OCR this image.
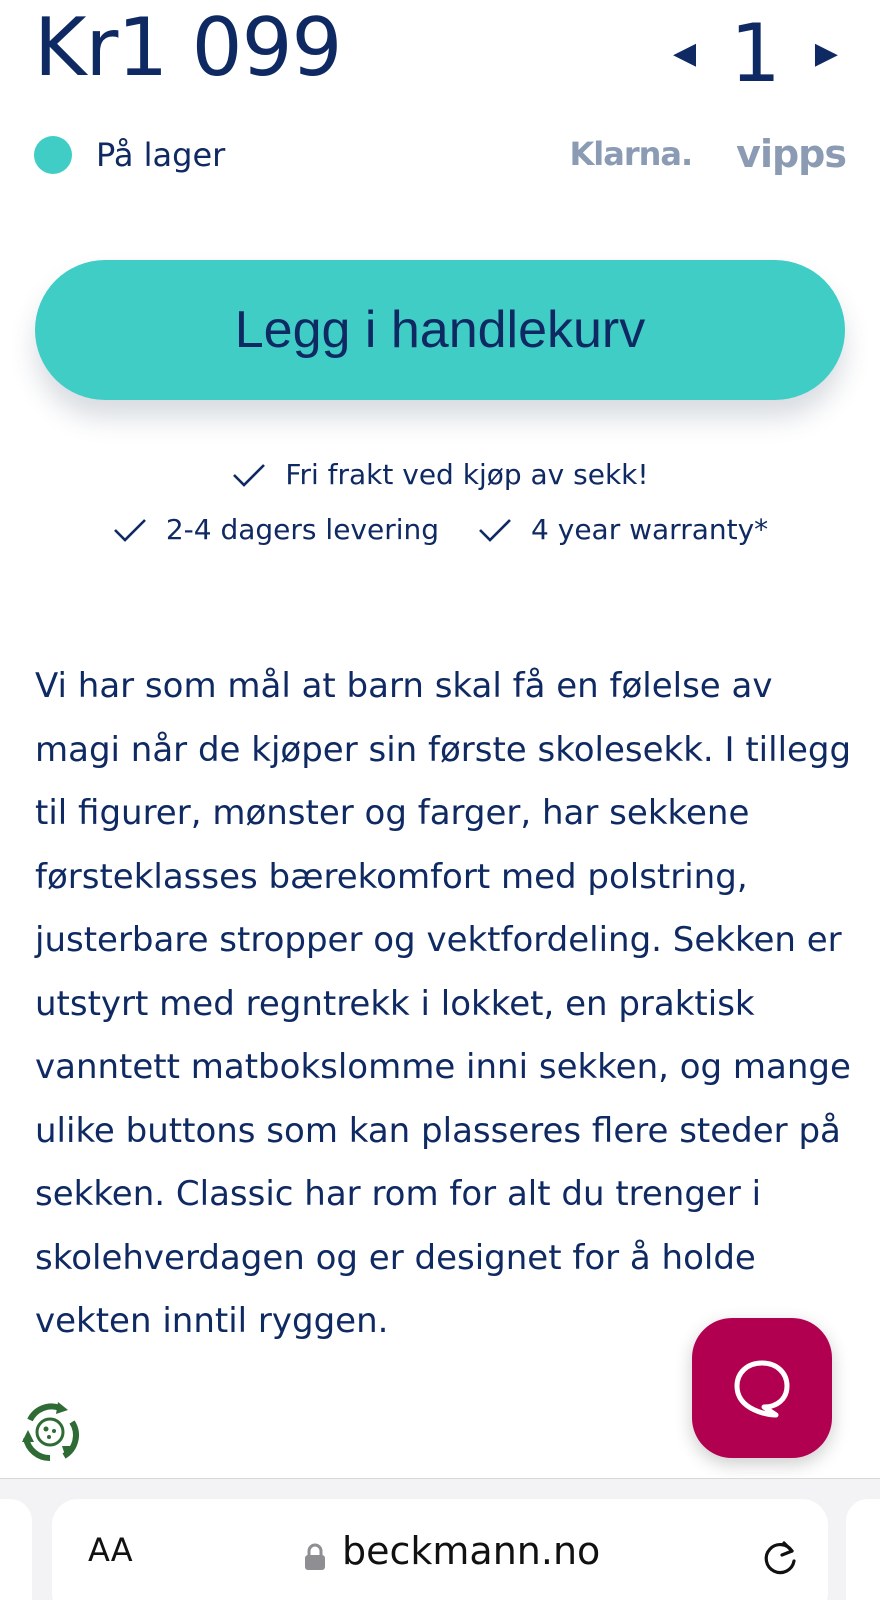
Kr1 099	◀ 1 ▶
På lager	Klarna. vipps
Legg i handlekurv
Fri frakt ved kjøp av sekk!
2-4 dagers levering	4 year warranty*

Vi har som mål at barn skal få en følelse av magi når de kjøper sin første skolesekk. I tillegg til figurer, mønster og farger, har sekkene førsteklasses bærekomfort med polstring, justerbare stropper og vektfordeling. Sekken er utstyrt med regntrekk i lokket, en praktisk vanntett matbokslomme inni sekken, og mange ulike buttons som kan plasseres flere steder på sekken. Classic har rom for alt du trenger i skolehverdagen og er designet for å holde vekten inntil ryggen.

AA	beckmann.no
